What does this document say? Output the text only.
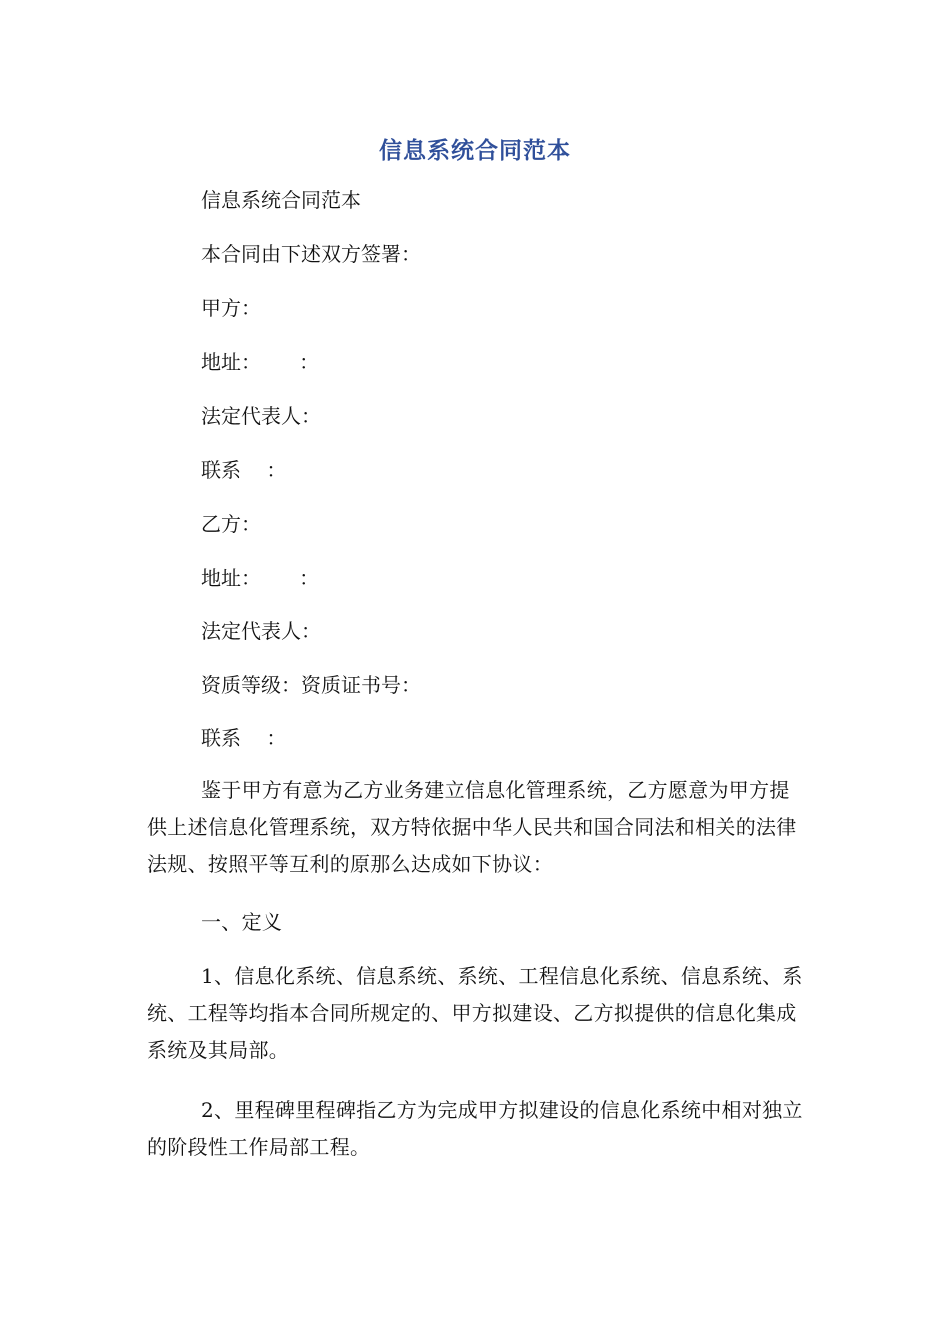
信息系统合同范本
信息系统合同范本
本合同由下述双方签署：
甲方：
地址：      ：
法定代表人：
联系    ：
乙方：
地址：      ：
法定代表人：
资质等级：资质证书号：
联系    ：
鉴于甲方有意为乙方业务建立信息化管理系统，乙方愿意为甲方提供上述信息化管理系统，双方特依据中华人民共和国合同法和相关的法律法规、按照平等互利的原那么达成如下协议：
一、定义
1、信息化系统、信息系统、系统、工程信息化系统、信息系统、系统、工程等均指本合同所规定的、甲方拟建设、乙方拟提供的信息化集成系统及其局部。
2、里程碑里程碑指乙方为完成甲方拟建设的信息化系统中相对独立的阶段性工作局部工程。
